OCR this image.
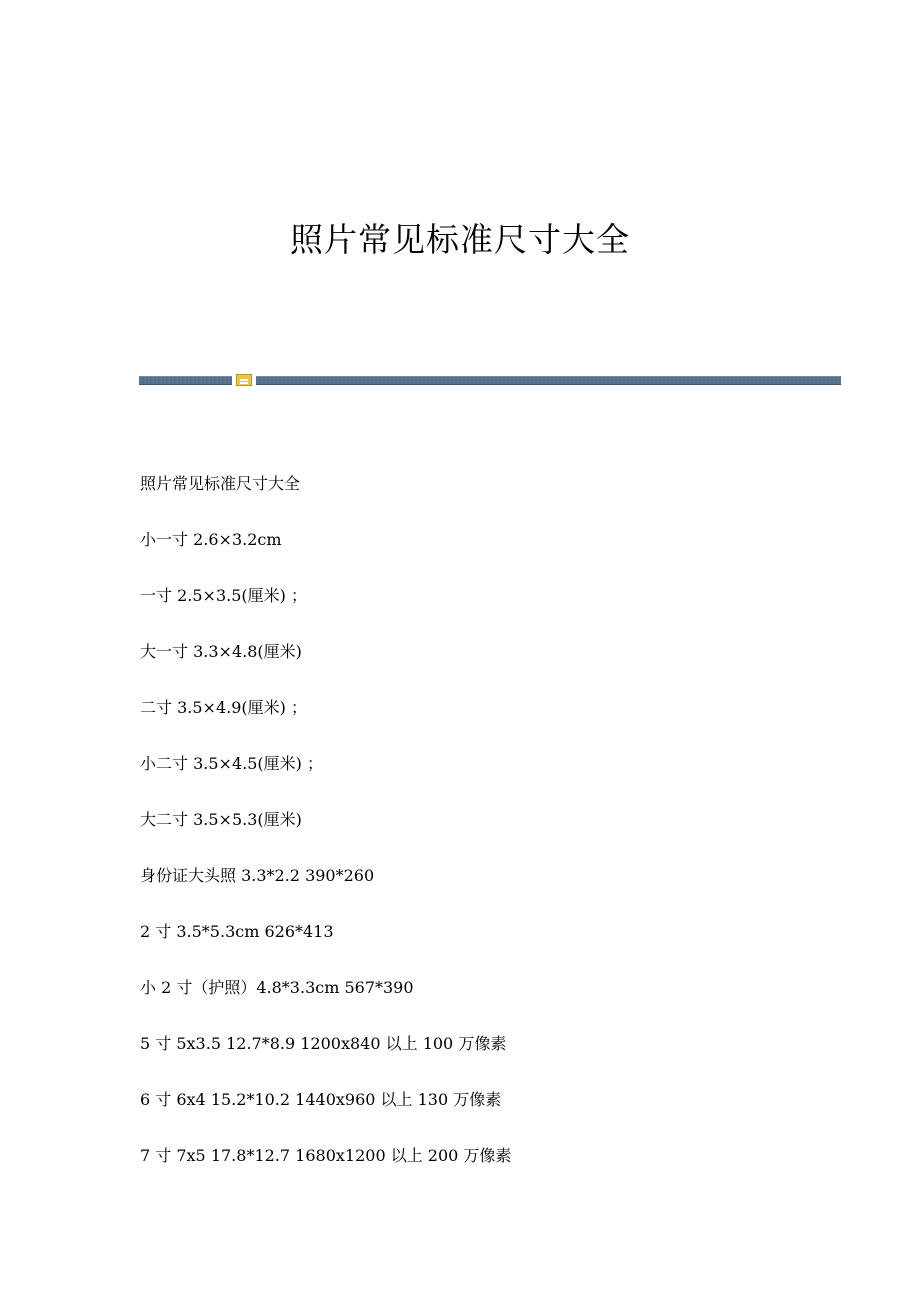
照片常见标准尺寸大全
照片常见标准尺寸大全
小一寸 2.6×3.2cm
一寸 2.5×3.5(厘米) ；
大一寸 3.3×4.8(厘米)
二寸 3.5×4.9(厘米) ；
小二寸 3.5×4.5(厘米) ；
大二寸 3.5×5.3(厘米)
身份证大头照 3.3*2.2 390*260
2 寸 3.5*5.3cm 626*413
小 2 寸（护照）4.8*3.3cm 567*390
5 寸 5x3.5 12.7*8.9 1200x840 以上 100 万像素
6 寸 6x4 15.2*10.2 1440x960 以上 130 万像素
7 寸 7x5 17.8*12.7 1680x1200 以上 200 万像素
